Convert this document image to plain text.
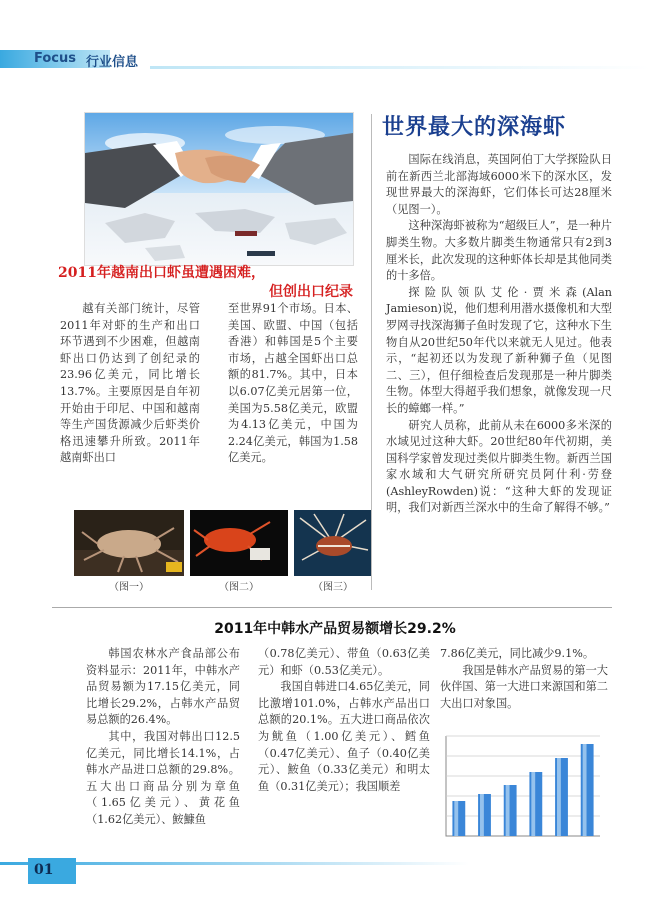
Focus 行业信息
2011年越南出口虾虽遭遇困难，
但创出口纪录

越有关部门统计，尽管2011年对虾的生产和出口环节遇到不少困难，但越南虾出口仍达到了创纪录的23.96亿美元，同比增长13.7%。主要原因是自年初开始由于印尼、中国和越南等生产国货源减少后虾类价格迅速攀升所致。2011年越南虾出口

至世界91个市场。日本、美国、欧盟、中国（包括香港）和韩国是5个主要市场，占越全国虾出口总额的81.7%。其中，日本以6.07亿美元居第一位，美国为5.58亿美元，欧盟为4.13亿美元，中国为2.24亿美元，韩国为1.58亿美元。

（图一）	（图二）	（图三）
世界最大的深海虾

国际在线消息，英国阿伯丁大学探险队日前在新西兰北部海域6000米下的深水区，发现世界最大的深海虾，它们体长可达28厘米（见图一）。

这种深海虾被称为“超级巨人”，是一种片脚类生物。大多数片脚类生物通常只有2到3厘米长，此次发现的这种虾体长却是其他同类的十多倍。

探险队领队艾伦·贾米森(Alan Jamieson)说，他们想利用潜水摄像机和大型罗网寻找深海狮子鱼时发现了它，这种水下生物自从20世纪50年代以来就无人见过。他表示，“起初还以为发现了新种狮子鱼（见图二、三），但仔细检查后发现那是一种片脚类生物。体型大得超乎我们想象，就像发现一尺长的蟑螂一样。”

研究人员称，此前从未在6000多米深的水域见过这种大虾。20世纪80年代初期，美国科学家曾发现过类似片脚类生物。新西兰国家水域和大气研究所研究员阿什利·劳登(AshleyRowden)说：“这种大虾的发现证明，我们对新西兰深水中的生命了解得不够。”

2011年中韩水产品贸易额增长29.2%

韩国农林水产食品部公布资料显示：2011年，中韩水产品贸易额为17.15亿美元，同比增长29.2%，占韩水产品贸易总额的26.4%。

其中，我国对韩出口12.5亿美元，同比增长14.1%，占韩水产品进口总额的29.8%。五大出口商品分别为章鱼（1.65亿美元）、黄花鱼（1.62亿美元）、鮟鱇鱼

（0.78亿美元）、带鱼（0.63亿美元）和虾（0.53亿美元）。

我国自韩进口4.65亿美元，同比激增101.0%，占韩水产品出口总额的20.1%。五大进口商品依次为鱿鱼（1.00亿美元）、鳕鱼（0.47亿美元）、鱼子（0.40亿美元）、鮟鱼（0.33亿美元）和明太鱼（0.31亿美元）；我国顺差

7.86亿美元，同比减少9.1%。

我国是韩水产品贸易的第一大伙伴国、第一大进口来源国和第二大出口对象国。

01
